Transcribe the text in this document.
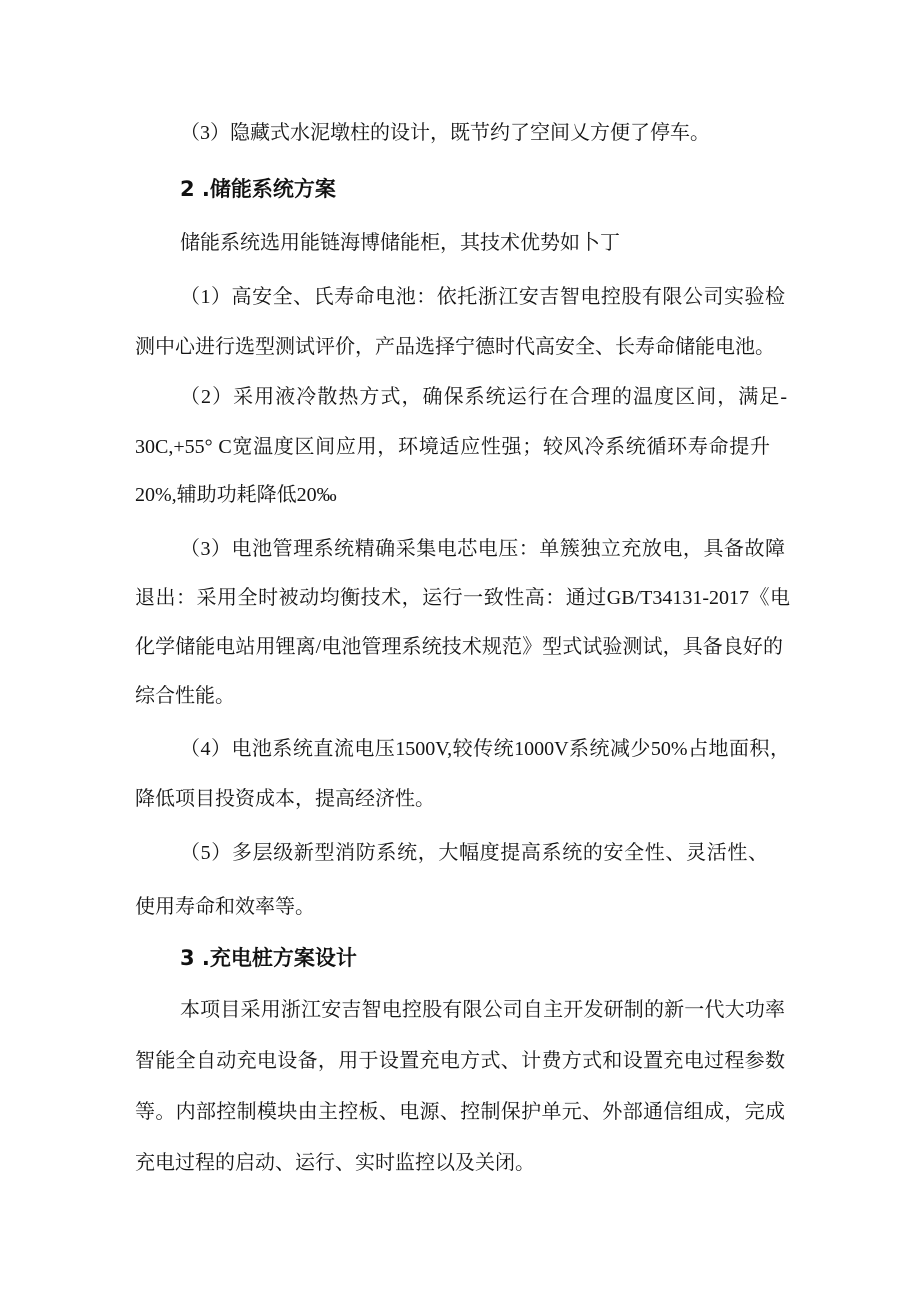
（3）隐藏式水泥墩柱的设计，既节约了空间乂方便了停车。
2 .储能系统方案
储能系统选用能链海博储能柜，其技术优势如卜丁
（1）高安全、氏寿命电池：依托浙江安吉智电控股有限公司实验检
测中心进行选型测试评价，产品选择宁德时代高安全、长寿命储能电池。
（2）采用液冷散热方式，确保系统运行在合理的温度区间，满足-
30C,+55° C宽温度区间应用，环境适应性强；较风冷系统循环寿命提升
20%,辅助功耗降低20‰
（3）电池管理系统精确采集电芯电压：单簇独立充放电，具备故障
退出：采用全时被动均衡技术，运行一致性高：通过GB/T34131-2017《电
化学储能电站用锂离/电池管理系统技术规范》型式试验测试，具备良好的
综合性能。
（4）电池系统直流电压1500V,较传统1000V系统减少50%占地面积，
降低项目投资成本，提高经济性。
（5）多层级新型消防系统，大幅度提高系统的安全性、灵活性、
使用寿命和效率等。
3 .充电桩方案设计
本项目采用浙江安吉智电控股有限公司自主开发研制的新一代大功率
智能全自动充电设备，用于设置充电方式、计费方式和设置充电过程参数
等。内部控制模块由主控板、电源、控制保护单元、外部通信组成，完成
充电过程的启动、运行、实时监控以及关闭。
